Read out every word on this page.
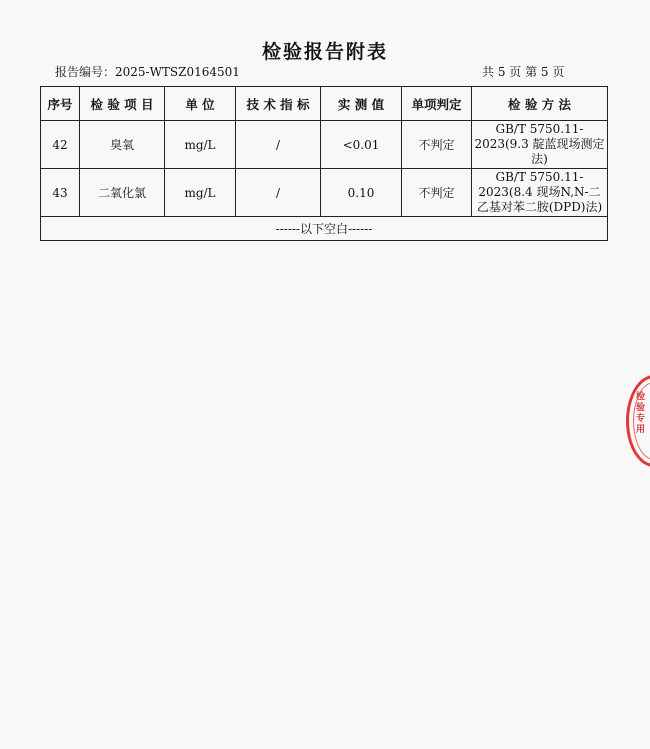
检验报告附表
报告编号：2025-WTSZ0164501	共 5 页 第 5 页
序号	检 验 项 目	单 位	技 术 指 标	实 测 值	单项判定	检 验 方 法
42	臭氧	mg/L	/	<0.01	不判定	GB/T 5750.11-2023(9.3 靛蓝现场测定法)
43	二氧化氯	mg/L	/	0.10	不判定	GB/T 5750.11-2023(8.4 现场N,N-二乙基对苯二胺(DPD)法)
------以下空白------						
检验专用
